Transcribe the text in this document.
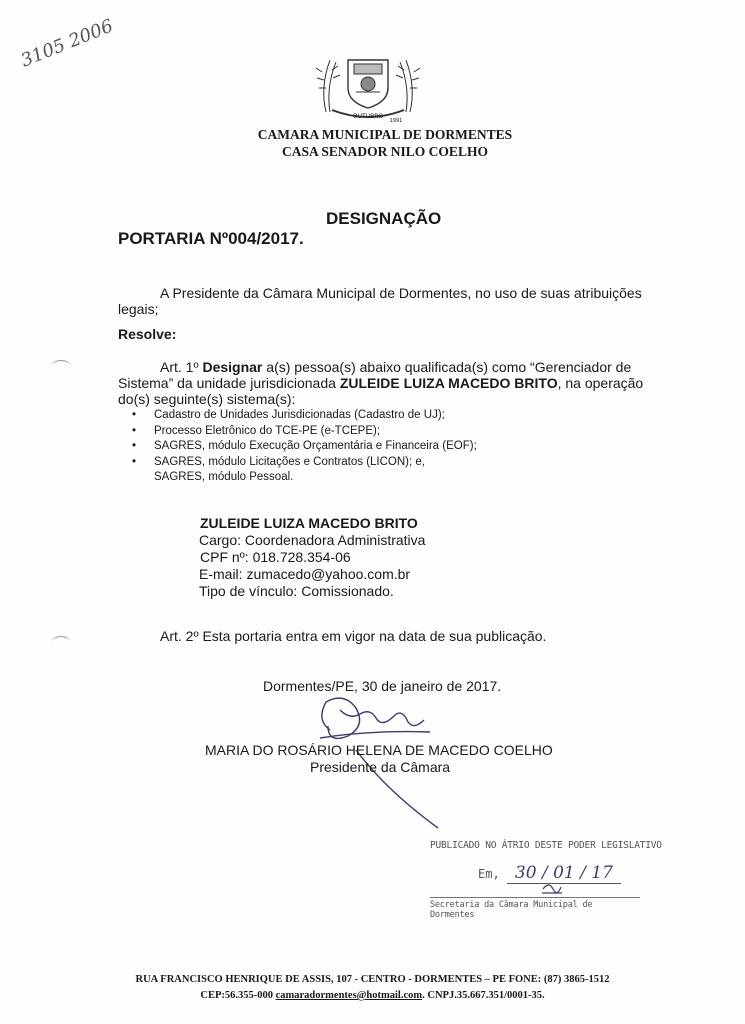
3105 2006
OUTUBRO
1991
CAMARA MUNICIPAL DE DORMENTES
CASA SENADOR NILO COELHO
DESIGNAÇÃO
PORTARIA Nº004/2017.
A Presidente da Câmara Municipal de Dormentes, no uso de suas atribuições
legais;
Resolve:
Art. 1º Designar a(s) pessoa(s) abaixo qualificada(s) como “Gerenciador de
Sistema” da unidade jurisdicionada ZULEIDE LUIZA MACEDO BRITO, na operação
do(s) seguinte(s) sistema(s):
• Cadastro de Unidades Jurisdicionadas (Cadastro de UJ);
• Processo Eletrônico do TCE-PE (e-TCEPE);
• SAGRES, módulo Execução Orçamentária e Financeira (EOF);
• SAGRES, módulo Licitações e Contratos (LICON); e,
SAGRES, módulo Pessoal.
ZULEIDE LUIZA MACEDO BRITO
Cargo: Coordenadora Administrativa
CPF nº: 018.728.354-06
E-mail: zumacedo@yahoo.com.br
Tipo de vínculo: Comissionado.
Art. 2º Esta portaria entra em vigor na data de sua publicação.
Dormentes/PE, 30 de janeiro de 2017.
MARIA DO ROSÁRIO HELENA DE MACEDO COELHO
Presidente da Câmara
PUBLICADO NO ÁTRIO DESTE PODER LEGISLATIVO
Em, 30 / 01 / 17
Secretaria da Câmara Municipal de Dormentes
RUA FRANCISCO HENRIQUE DE ASSIS, 107 - CENTRO - DORMENTES – PE FONE: (87) 3865-1512
CEP:56.355-000 camaradormentes@hotmail.com. CNPJ.35.667.351/0001-35.
